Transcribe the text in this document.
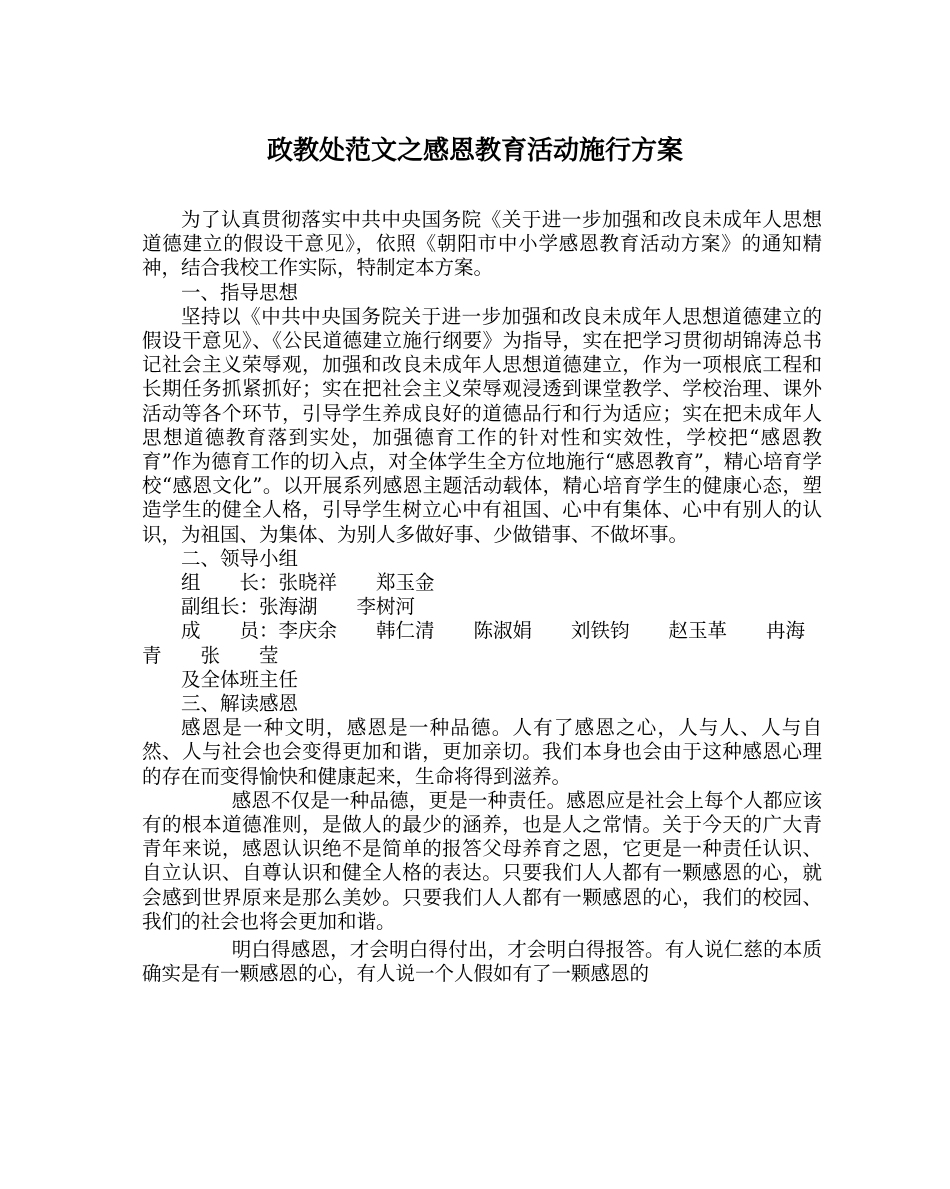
政教处范文之感恩教育活动施行方案

为了认真贯彻落实中共中央国务院《关于进一步加强和改良未成年人思想道德建立的假设干意见》，依照《朝阳市中小学感恩教育活动方案》的通知精神，结合我校工作实际，特制定本方案。

一、指导思想

坚持以《中共中央国务院关于进一步加强和改良未成年人思想道德建立的假设干意见》、《公民道德建立施行纲要》为指导，实在把学习贯彻胡锦涛总书记社会主义荣辱观，加强和改良未成年人思想道德建立，作为一项根底工程和长期任务抓紧抓好；实在把社会主义荣辱观浸透到课堂教学、学校治理、课外活动等各个环节，引导学生养成良好的道德品行和行为适应；实在把未成年人思想道德教育落到实处，加强德育工作的针对性和实效性，学校把“感恩教育”作为德育工作的切入点，对全体学生全方位地施行“感恩教育”，精心培育学校“感恩文化”。以开展系列感恩主题活动载体，精心培育学生的健康心态，塑造学生的健全人格，引导学生树立心中有祖国、心中有集体、心中有别人的认识，为祖国、为集体、为别人多做好事、少做错事、不做坏事。

二、领导小组

组　　长：张晓祥　　郑玉金

副组长：张海湖　　李树河

成　　员：李庆余　　韩仁清　　陈淑娟　　刘铁钧　　赵玉革　　冉海青　　张　　莹

及全体班主任

三、解读感恩

感恩是一种文明，感恩是一种品德。人有了感恩之心，人与人、人与自然、人与社会也会变得更加和谐，更加亲切。我们本身也会由于这种感恩心理的存在而变得愉快和健康起来，生命将得到滋养。

感恩不仅是一种品德，更是一种责任。感恩应是社会上每个人都应该有的根本道德准则，是做人的最少的涵养，也是人之常情。关于今天的广大青青年来说，感恩认识绝不是简单的报答父母养育之恩，它更是一种责任认识、自立认识、自尊认识和健全人格的表达。只要我们人人都有一颗感恩的心，就会感到世界原来是那么美妙。只要我们人人都有一颗感恩的心，我们的校园、我们的社会也将会更加和谐。

明白得感恩，才会明白得付出，才会明白得报答。有人说仁慈的本质确实是有一颗感恩的心，有人说一个人假如有了一颗感恩的
